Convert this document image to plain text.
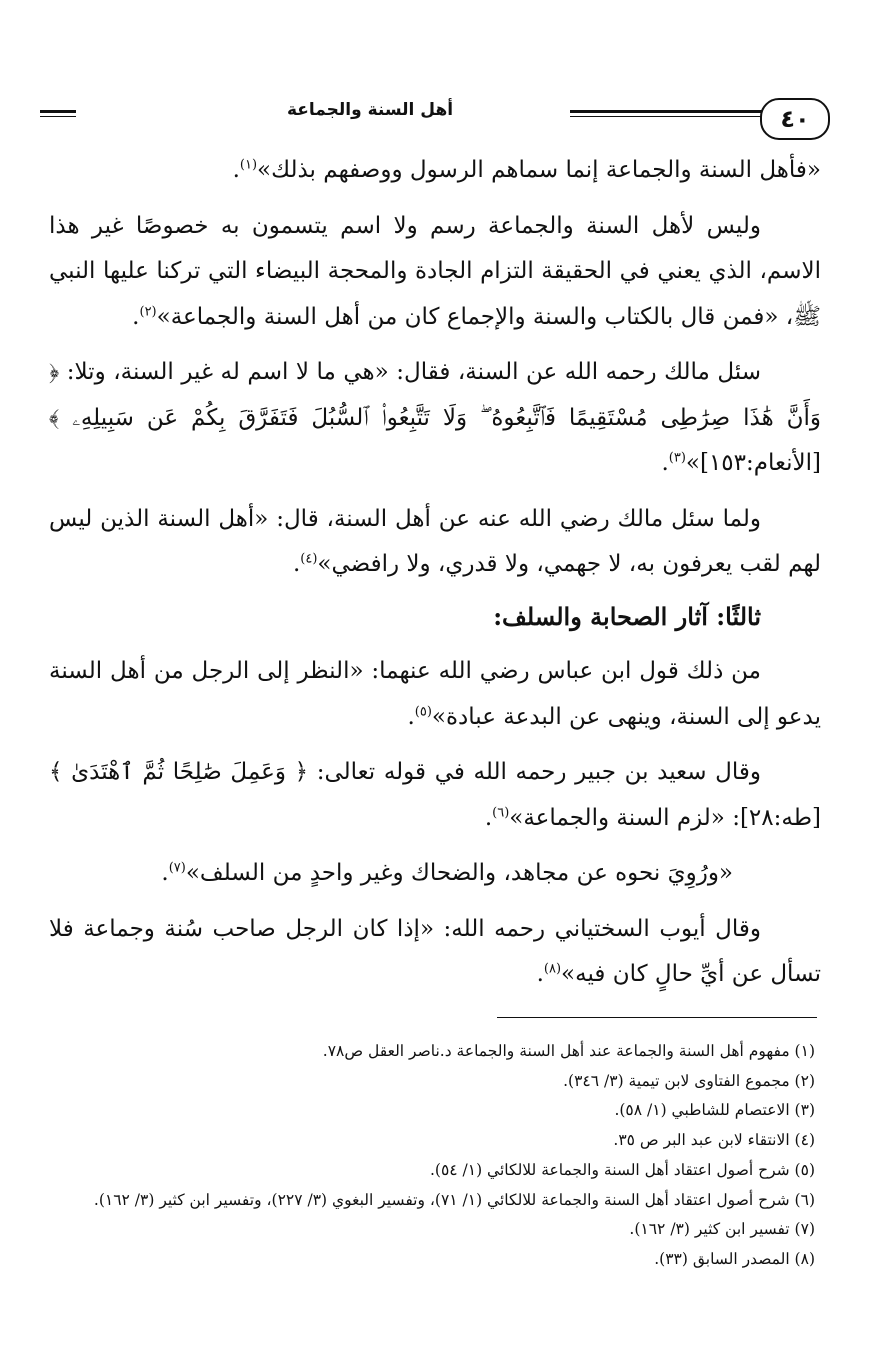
٤٠
أهل السنة والجماعة

«فأهل السنة والجماعة إنما سماهم الرسول ووصفهم بذلك»$^{(١)}$.

وليس لأهل السنة والجماعة رسم ولا اسم يتسمون به خصوصًا غير هذا الاسم، الذي يعني في الحقيقة التزام الجادة والمحجة البيضاء التي تركنا عليها النبي ﷺ، «فمن قال بالكتاب والسنة والإجماع كان من أهل السنة والجماعة»$^{(٢)}$.

سئل مالك رحمه الله عن السنة، فقال: «هي ما لا اسم له غير السنة، وتلا: ﴿ وَأَنَّ هَٰذَا صِرَٰطِى مُسْتَقِيمًا فَٱتَّبِعُوهُ ۖ وَلَا تَتَّبِعُوا۟ ٱلسُّبُلَ فَتَفَرَّقَ بِكُمْ عَن سَبِيلِهِۦ ﴾[الأنعام:١٥٣]»$^{(٣)}$.

ولما سئل مالك رضي الله عنه عن أهل السنة، قال: «أهل السنة الذين ليس لهم لقب يعرفون به، لا جهمي، ولا قدري، ولا رافضي»$^{(٤)}$.

ثالثًا: آثار الصحابة والسلف:

من ذلك قول ابن عباس رضي الله عنهما: «النظر إلى الرجل من أهل السنة يدعو إلى السنة، وينهى عن البدعة عبادة»$^{(٥)}$.

وقال سعيد بن جبير رحمه الله في قوله تعالى: ﴿ وَعَمِلَ صَٰلِحًا ثُمَّ ٱهْتَدَىٰ ﴾[طه:٢٨]: «لزم السنة والجماعة»$^{(٦)}$.

«ورُوِيَ نحوه عن مجاهد، والضحاك وغير واحدٍ من السلف»$^{(٧)}$.

وقال أيوب السختياني رحمه الله: «إذا كان الرجل صاحب سُنة وجماعة فلا تسأل عن أيِّ حالٍ كان فيه»$^{(٨)}$.

(١) مفهوم أهل السنة والجماعة عند أهل السنة والجماعة د.ناصر العقل ص٧٨.

(٢) مجموع الفتاوى لابن تيمية (٣/ ٣٤٦).

(٣) الاعتصام للشاطبي (١/ ٥٨).

(٤) الانتقاء لابن عبد البر ص ٣٥.

(٥) شرح أصول اعتقاد أهل السنة والجماعة للالكائي (١/ ٥٤).

(٦) شرح أصول اعتقاد أهل السنة والجماعة للالكائي (١/ ٧١)، وتفسير البغوي (٣/ ٢٢٧)، وتفسير ابن كثير (٣/ ١٦٢).

(٧) تفسير ابن كثير (٣/ ١٦٢).

(٨) المصدر السابق (٣٣).
